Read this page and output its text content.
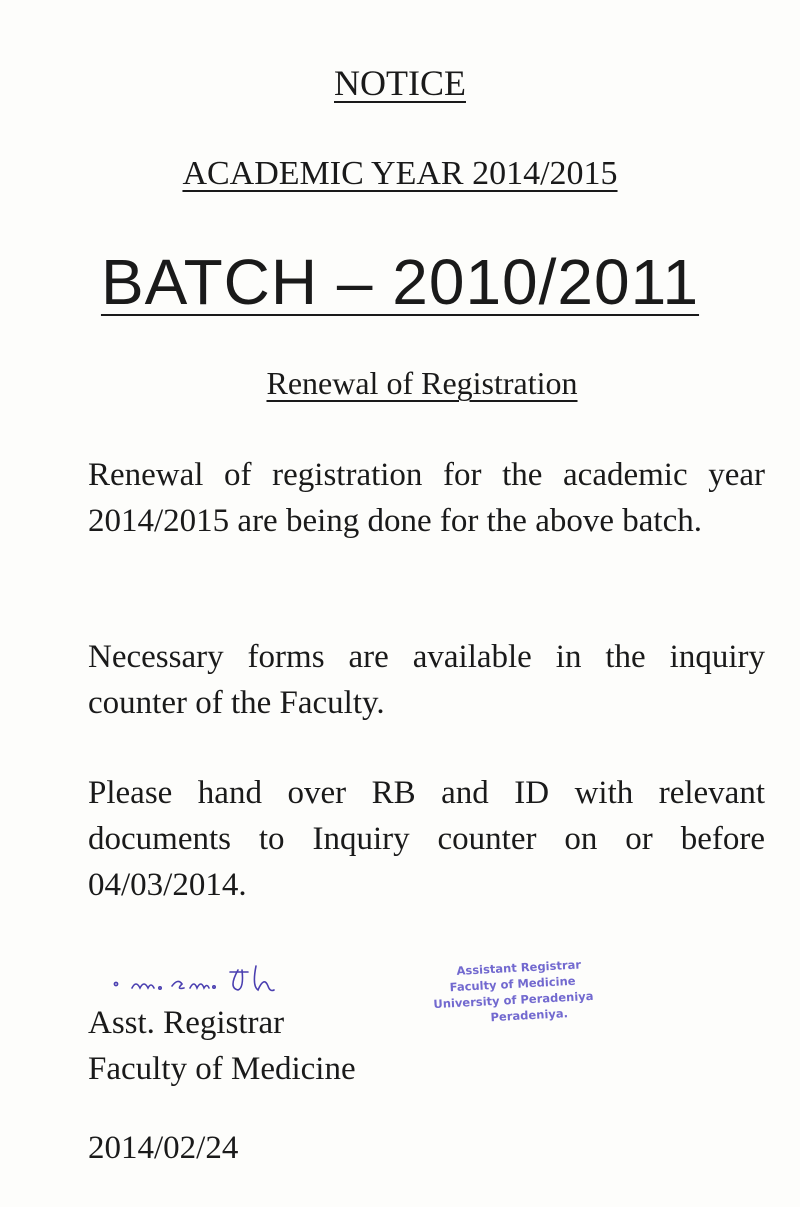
NOTICE
ACADEMIC YEAR 2014/2015
BATCH – 2010/2011
Renewal of Registration
Renewal of registration for the academic year 2014/2015 are being done for the above batch.
Necessary forms are available in the inquiry counter of the Faculty.
Please hand over RB and ID with relevant documents to Inquiry counter on or before 04/03/2014.
Assistant Registrar
Faculty of Medicine
University of Peradeniya
Peradeniya.
Asst. Registrar
Faculty of Medicine
2014/02/24
